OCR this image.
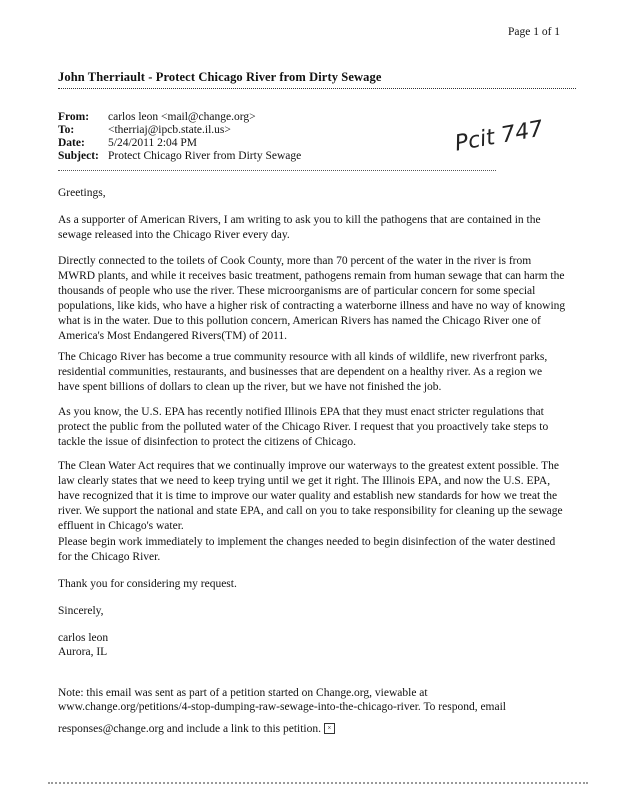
Page 1 of 1
John Therriault - Protect Chicago River from Dirty Sewage
From: carlos leon <mail@change.org>
To:	<therriaj@ipcb.state.il.us>
Date: 5/24/2011 2:04 PM
Subject: Protect Chicago River from Dirty Sewage	Pcit 747
Greetings,
As a supporter of American Rivers, I am writing to ask you to kill the pathogens that are contained in the sewage released into the Chicago River every day.
Directly connected to the toilets of Cook County, more than 70 percent of the water in the river is from MWRD plants, and while it receives basic treatment, pathogens remain from human sewage that can harm the thousands of people who use the river. These microorganisms are of particular concern for some special populations, like kids, who have a higher risk of contracting a waterborne illness and have no way of knowing what is in the water. Due to this pollution concern, American Rivers has named the Chicago River one of America's Most Endangered Rivers(TM) of 2011.
The Chicago River has become a true community resource with all kinds of wildlife, new riverfront parks, residential communities, restaurants, and businesses that are dependent on a healthy river. As a region we have spent billions of dollars to clean up the river, but we have not finished the job.
As you know, the U.S. EPA has recently notified Illinois EPA that they must enact stricter regulations that protect the public from the polluted water of the Chicago River. I request that you proactively take steps to tackle the issue of disinfection to protect the citizens of Chicago.
The Clean Water Act requires that we continually improve our waterways to the greatest extent possible. The law clearly states that we need to keep trying until we get it right. The Illinois EPA, and now the U.S. EPA, have recognized that it is time to improve our water quality and establish new standards for how we treat the river. We support the national and state EPA, and call on you to take responsibility for cleaning up the sewage effluent in Chicago's water.
Please begin work immediately to implement the changes needed to begin disinfection of the water destined for the Chicago River.
Thank you for considering my request.
Sincerely,
carlos leon
Aurora, IL
Note: this email was sent as part of a petition started on Change.org, viewable at
www.change.org/petitions/4-stop-dumping-raw-sewage-into-the-chicago-river. To respond, email
responses@change.org and include a link to this petition. ×
